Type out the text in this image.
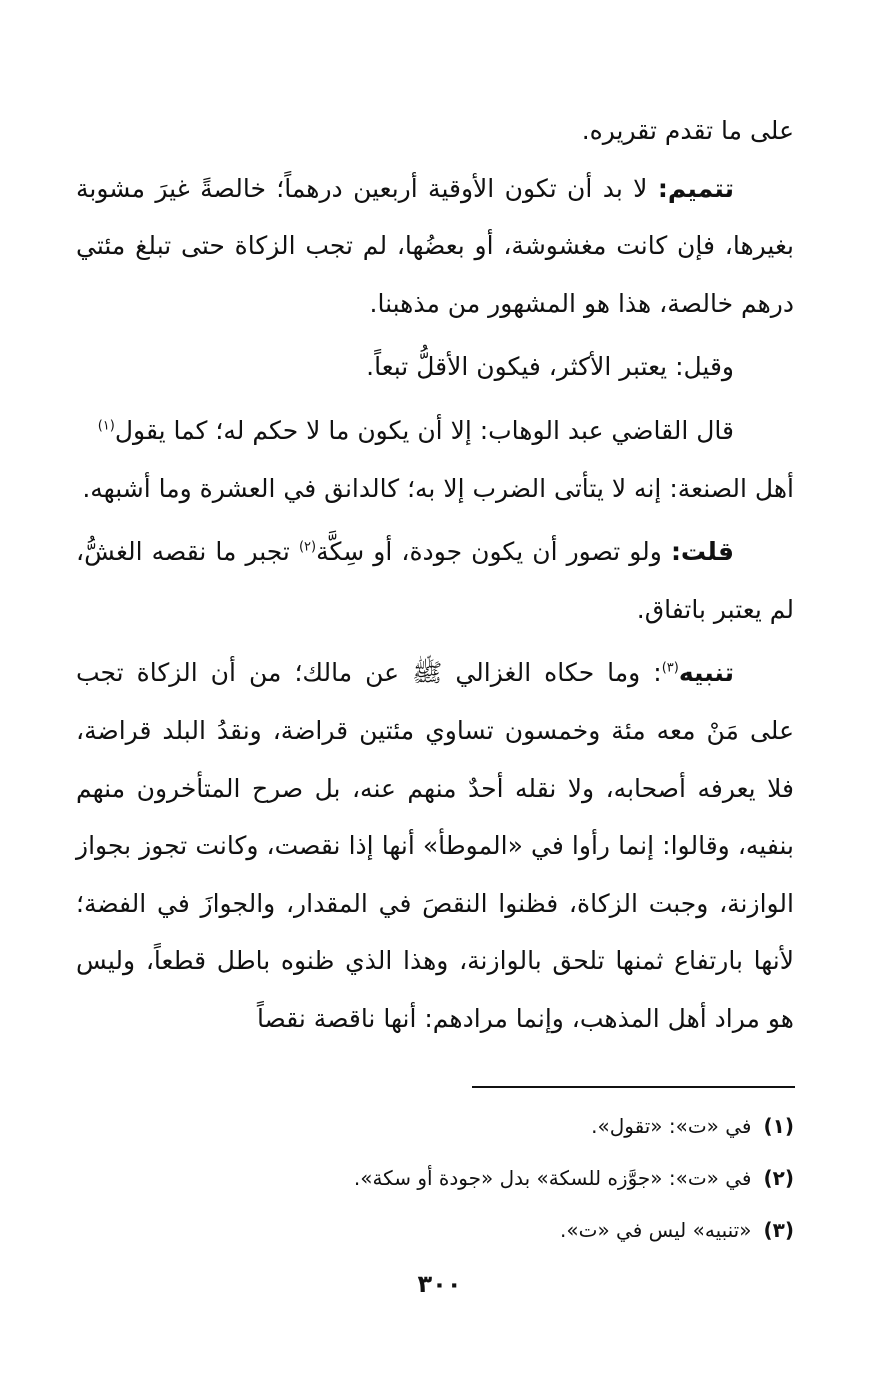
على ما تقدم تقريره.

تتميم: لا بد أن تكون الأوقية أربعين درهماً؛ خالصةً غيرَ مشوبة بغيرها، فإن كانت مغشوشة، أو بعضُها، لم تجب الزكاة حتى تبلغ مئتي درهم خالصة، هذا هو المشهور من مذهبنا.

وقيل: يعتبر الأكثر، فيكون الأقلُّ تبعاً.

قال القاضي عبد الوهاب: إلا أن يكون ما لا حكم له؛ كما يقول$^{(١)}$

أهل الصنعة: إنه لا يتأتى الضرب إلا به؛ كالدانق في العشرة وما أشبهه.

قلت: ولو تصور أن يكون جودة، أو سِكَّة$^{(٢)}$ تجبر ما نقصه الغشُّ، لم يعتبر باتفاق.

تنبيه$^{(٣)}$: وما حكاه الغزالي ﷺ عن مالك؛ من أن الزكاة تجب على مَنْ معه مئة وخمسون تساوي مئتين قراضة، ونقدُ البلد قراضة، فلا يعرفه أصحابه، ولا نقله أحدٌ منهم عنه، بل صرح المتأخرون منهم بنفيه، وقالوا: إنما رأوا في «الموطأ» أنها إذا نقصت، وكانت تجوز بجواز الوازنة، وجبت الزكاة، فظنوا النقصَ في المقدار، والجوازَ في الفضة؛ لأنها بارتفاع ثمنها تلحق بالوازنة، وهذا الذي ظنوه باطل قطعاً، وليس هو مراد أهل المذهب، وإنما مرادهم: أنها ناقصة نقصاً

(١)في «ت»: «تقول».
(٢)في «ت»: «جوَّزه للسكة» بدل «جودة أو سكة».
(٣)«تنبيه» ليس في «ت».
٣٠٠
